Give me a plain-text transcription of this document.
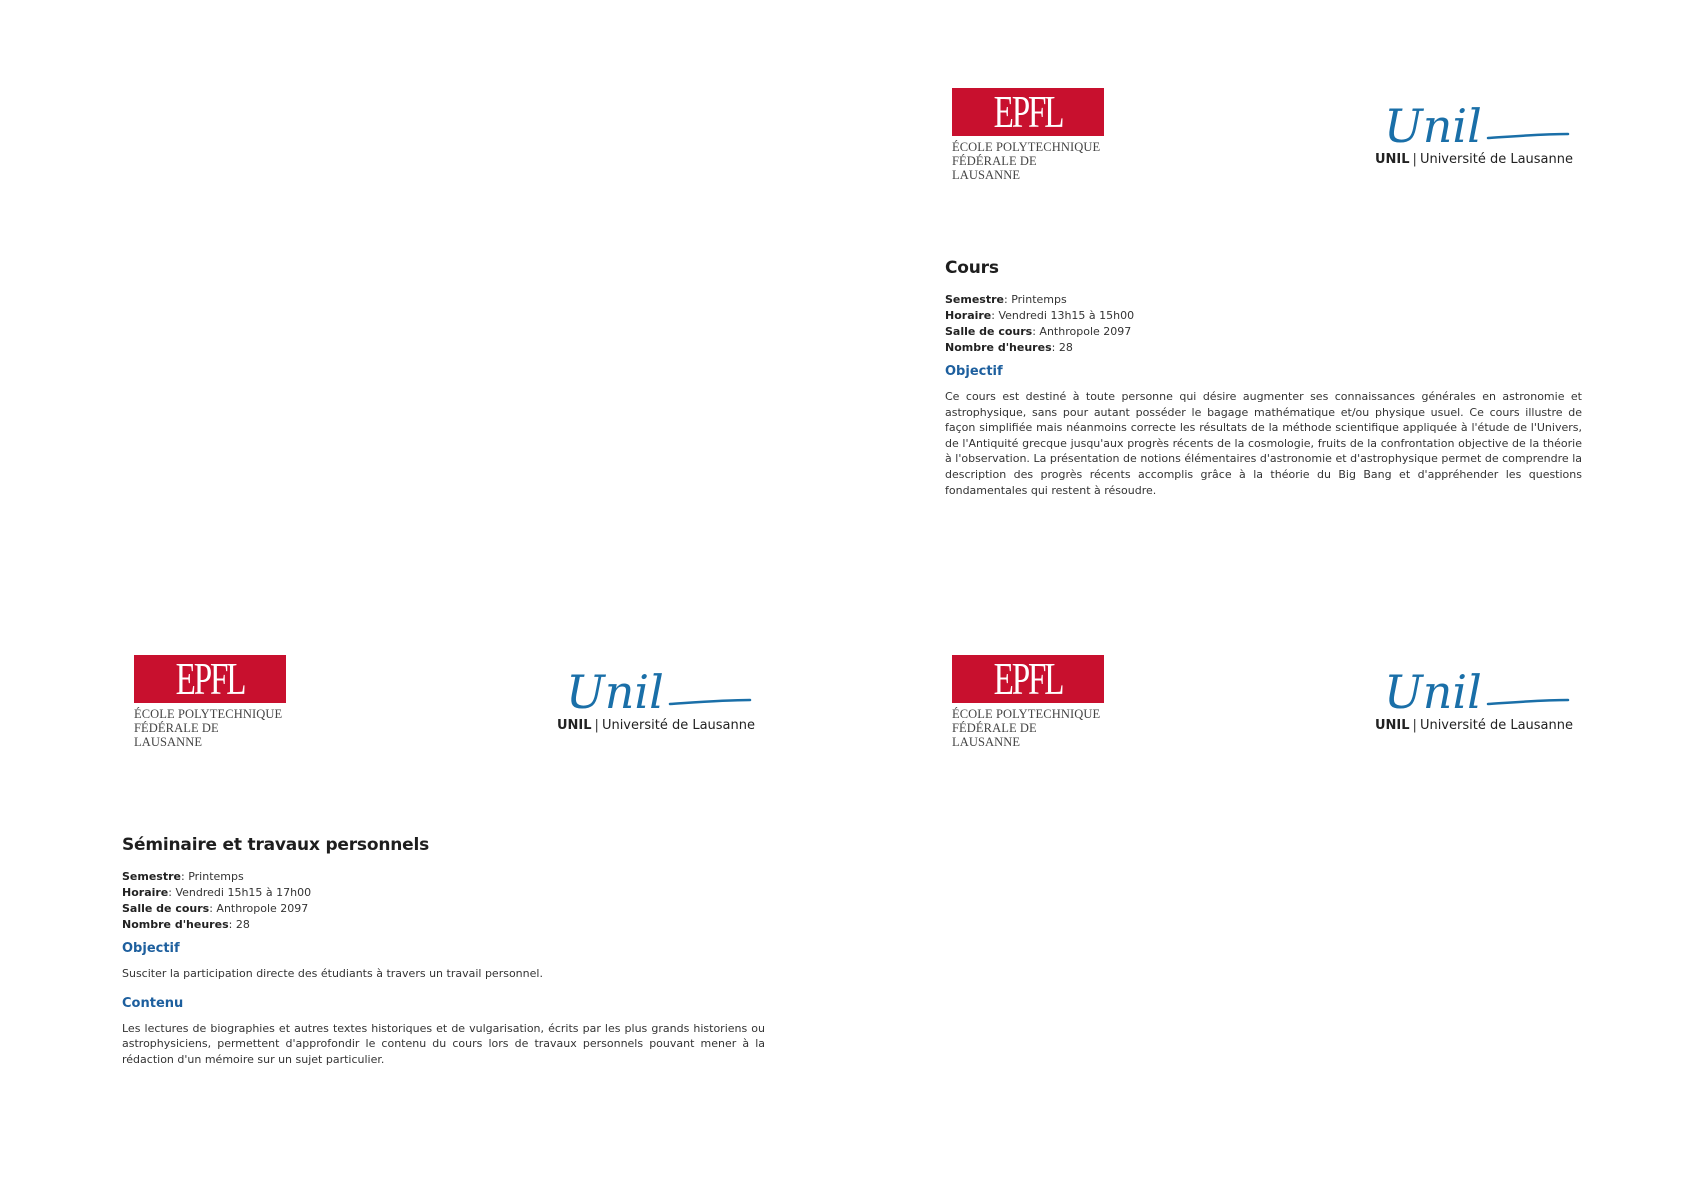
EPFL
ÉCOLE POLYTECHNIQUE
FÉDÉRALE DE LAUSANNE
Unil
UNIL | Université de Lausanne
Cours
Semestre: Printemps
Horaire: Vendredi 13h15 à 15h00
Salle de cours: Anthropole 2097
Nombre d'heures: 28
Objectif

Ce cours est destiné à toute personne qui désire augmenter ses connaissances générales en astronomie et astrophysique, sans pour autant posséder le bagage mathématique et/ou physique usuel. Ce cours illustre de façon simplifiée mais néanmoins correcte les résultats de la méthode scientifique appliquée à l'étude de l'Univers, de l'Antiquité grecque jusqu'aux progrès récents de la cosmologie, fruits de la confrontation objective de la théorie à l'observation. La présentation de notions élémentaires d'astronomie et d'astrophysique permet de comprendre la description des progrès récents accomplis grâce à la théorie du Big Bang et d'appréhender les questions fondamentales qui restent à résoudre.

EPFL
ÉCOLE POLYTECHNIQUE
FÉDÉRALE DE LAUSANNE
Unil
UNIL | Université de Lausanne
EPFL
ÉCOLE POLYTECHNIQUE
FÉDÉRALE DE LAUSANNE
Unil
UNIL | Université de Lausanne
Séminaire et travaux personnels
Semestre: Printemps
Horaire: Vendredi 15h15 à 17h00
Salle de cours: Anthropole 2097
Nombre d'heures: 28
Objectif

Susciter la participation directe des étudiants à travers un travail personnel.

Contenu

Les lectures de biographies et autres textes historiques et de vulgarisation, écrits par les plus grands historiens ou astrophysiciens, permettent d'approfondir le contenu du cours lors de travaux personnels pouvant mener à la rédaction d'un mémoire sur un sujet particulier.
